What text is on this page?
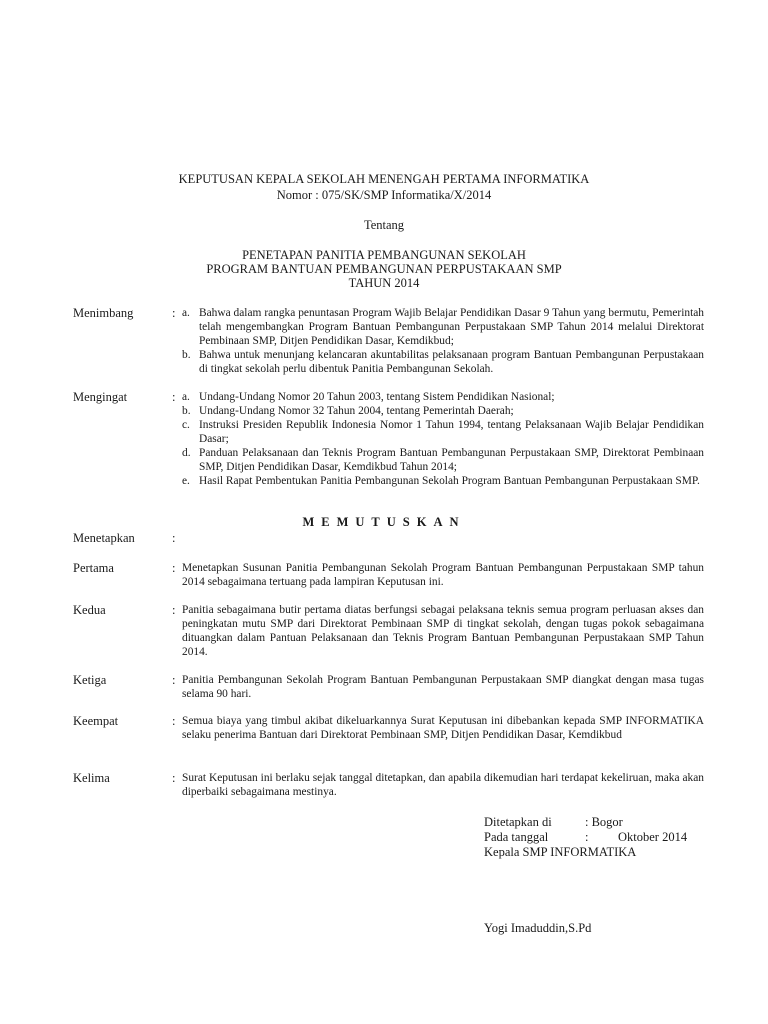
KEPUTUSAN KEPALA SEKOLAH MENENGAH PERTAMA INFORMATIKA
Nomor : 075/SK/SMP Informatika/X/2014
Tentang
PENETAPAN PANITIA PEMBANGUNAN SEKOLAH
PROGRAM BANTUAN PEMBANGUNAN PERPUSTAKAAN SMP
TAHUN 2014
Menimbang	: a. Bahwa dalam rangka penuntasan Program Wajib Belajar Pendidikan Dasar 9 Tahun yang bermutu, Pemerintah telah mengembangkan Program Bantuan Pembangunan Perpustakaan SMP Tahun 2014 melalui Direktorat Pembinaan SMP, Ditjen Pendidikan Dasar, Kemdikbud;
b. Bahwa untuk menunjang kelancaran akuntabilitas pelaksanaan program Bantuan Pembangunan Perpustakaan di tingkat sekolah perlu dibentuk Panitia Pembangunan Sekolah.
Mengingat	: a. Undang-Undang Nomor 20 Tahun 2003, tentang Sistem Pendidikan Nasional;
b. Undang-Undang Nomor 32 Tahun 2004, tentang Pemerintah Daerah;
c. Instruksi Presiden Republik Indonesia Nomor 1 Tahun 1994, tentang Pelaksanaan Wajib Belajar Pendidikan Dasar;
d. Panduan Pelaksanaan dan Teknis Program Bantuan Pembangunan Perpustakaan SMP, Direktorat Pembinaan SMP, Ditjen Pendidikan Dasar, Kemdikbud Tahun 2014;
e. Hasil Rapat Pembentukan Panitia Pembangunan Sekolah Program Bantuan Pembangunan Perpustakaan SMP.
MEMUTUSKAN
Menetapkan	:
Pertama	: Menetapkan Susunan Panitia Pembangunan Sekolah Program Bantuan Pembangunan Perpustakaan SMP tahun 2014 sebagaimana tertuang pada lampiran Keputusan ini.
Kedua	: Panitia sebagaimana butir pertama diatas berfungsi sebagai pelaksana teknis semua program perluasan akses dan peningkatan mutu SMP dari Direktorat Pembinaan SMP di tingkat sekolah, dengan tugas pokok sebagaimana dituangkan dalam Pantuan Pelaksanaan dan Teknis Program Bantuan Pembangunan Perpustakaan SMP Tahun 2014.
Ketiga	: Panitia Pembangunan Sekolah Program Bantuan Pembangunan Perpustakaan SMP diangkat dengan masa tugas selama 90 hari.
Keempat	: Semua biaya yang timbul akibat dikeluarkannya Surat Keputusan ini dibebankan kepada SMP INFORMATIKA selaku penerima Bantuan dari Direktorat Pembinaan SMP, Ditjen Pendidikan Dasar, Kemdikbud
Kelima	: Surat Keputusan ini berlaku sejak tanggal ditetapkan, dan apabila dikemudian hari terdapat kekeliruan, maka akan diperbaiki sebagaimana mestinya.
Ditetapkan di	: Bogor
Pada tanggal	: Oktober 2014
Kepala SMP INFORMATIKA
Yogi Imaduddin,S.Pd
